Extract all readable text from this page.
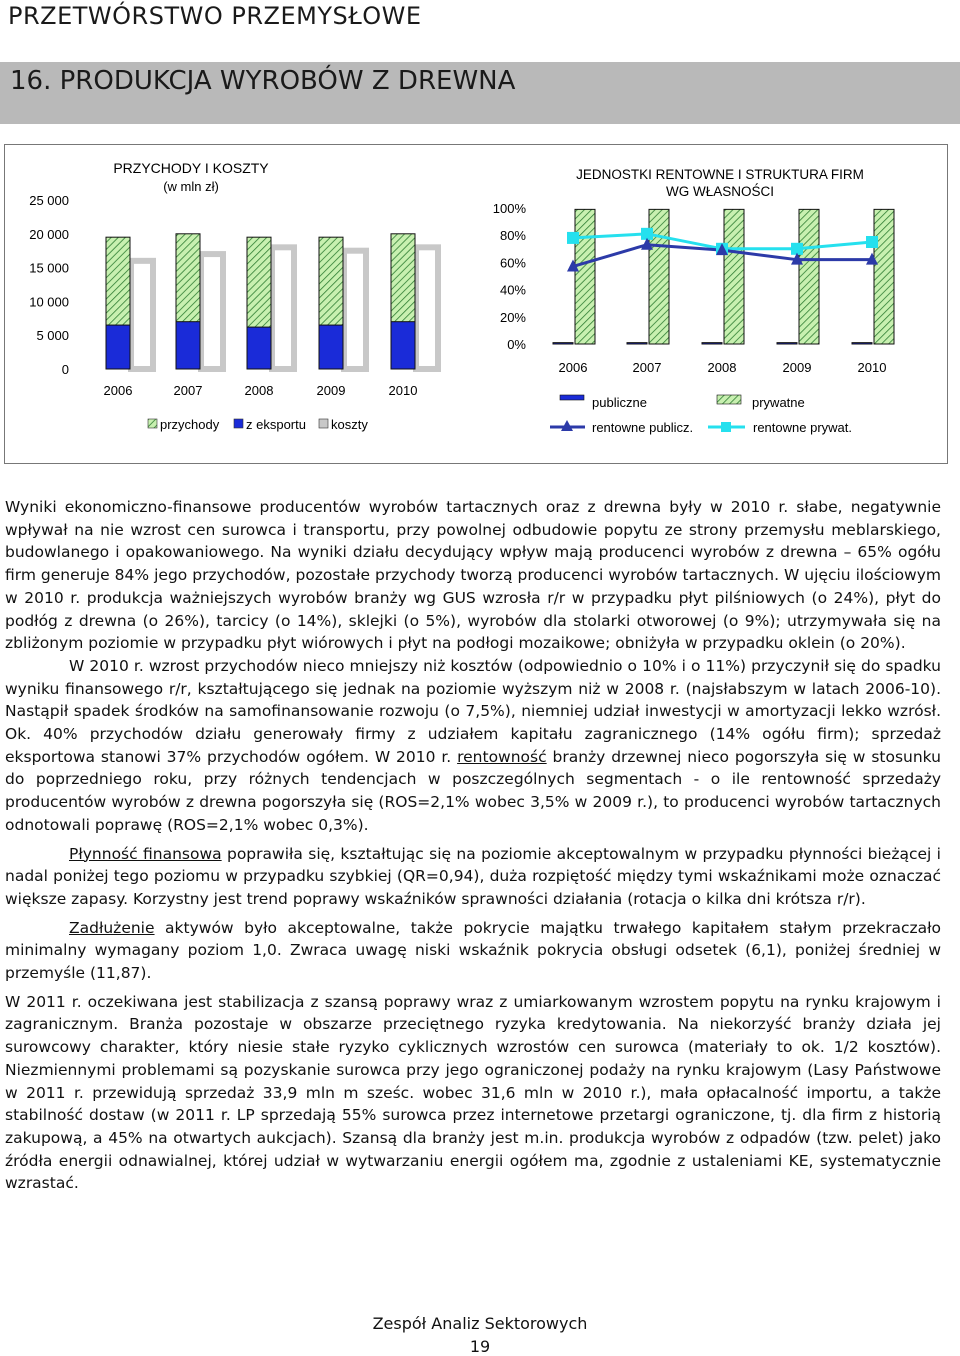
PRZETWÓRSTWO PRZEMYSŁOWE
16. PRODUKCJA WYROBÓW Z DREWNA
PRZYCHODY I KOSZTY
(w mln zł)
25 000
20 000
15 000
10 000
5 000
0
2006	2007	2008	2009	2010
przychody z eksportu koszty
JEDNOSTKI RENTOWNE I STRUKTURA FIRM
WG WŁASNOŚCI
100%
80%
60%
40%
20%
0%
2006	2007	2008	2009	2010
publiczne	prywatne
rentowne publicz.	rentowne prywat.

Wyniki ekonomiczno-finansowe producentów wyrobów tartacznych oraz z drewna były w 2010 r. słabe, negatywnie wpływał na nie wzrost cen surowca i transportu, przy powolnej odbudowie popytu ze strony przemysłu meblarskiego, budowlanego i opakowaniowego. Na wyniki działu decydujący wpływ mają producenci wyrobów z drewna – 65% ogółu firm generuje 84% jego przychodów, pozostałe przychody tworzą producenci wyrobów tartacznych. W ujęciu ilościowym w 2010 r. produkcja ważniejszych wyrobów branży wg GUS wzrosła r/r w przypadku płyt pilśniowych (o 24%), płyt do podłóg z drewna (o 26%), tarcicy (o 14%), sklejki (o 5%), wyrobów dla stolarki otworowej (o 9%); utrzymywała się na zbliżonym poziomie w przypadku płyt wiórowych i płyt na podłogi mozaikowe; obniżyła w przypadku oklein (o 20%).

W 2010 r. wzrost przychodów nieco mniejszy niż kosztów (odpowiednio o 10% i o 11%) przyczynił się do spadku wyniku finansowego r/r, kształtującego się jednak na poziomie wyższym niż w 2008 r. (najsłabszym w latach 2006-10). Nastąpił spadek środków na samofinansowanie rozwoju (o 7,5%), niemniej udział inwestycji w amortyzacji lekko wzrósł. Ok. 40% przychodów działu generowały firmy z udziałem kapitału zagranicznego (14% ogółu firm); sprzedaż eksportowa stanowi 37% przychodów ogółem. W 2010 r. rentowność branży drzewnej nieco pogorszyła się w stosunku do poprzedniego roku, przy różnych tendencjach w poszczególnych segmentach - o ile rentowność sprzedaży producentów wyrobów z drewna pogorszyła się (ROS=2,1% wobec 3,5% w 2009 r.), to producenci wyrobów tartacznych odnotowali poprawę (ROS=2,1% wobec 0,3%).

Płynność finansowa poprawiła się, kształtując się na poziomie akceptowalnym w przypadku płynności bieżącej i nadal poniżej tego poziomu w przypadku szybkiej (QR=0,94), duża rozpiętość między tymi wskaźnikami może oznaczać większe zapasy. Korzystny jest trend poprawy wskaźników sprawności działania (rotacja o kilka dni krótsza r/r).

Zadłużenie aktywów było akceptowalne, także pokrycie majątku trwałego kapitałem stałym przekraczało minimalny wymagany poziom 1,0. Zwraca uwagę niski wskaźnik pokrycia obsługi odsetek (6,1), poniżej średniej w przemyśle (11,87).

W 2011 r. oczekiwana jest stabilizacja z szansą poprawy wraz z umiarkowanym wzrostem popytu na rynku krajowym i zagranicznym. Branża pozostaje w obszarze przeciętnego ryzyka kredytowania. Na niekorzyść branży działa jej surowcowy charakter, który niesie stałe ryzyko cyklicznych wzrostów cen surowca (materiały to ok. 1/2 kosztów). Niezmiennymi problemami są pozyskanie surowca przy jego ograniczonej podaży na rynku krajowym (Lasy Państwowe w 2011 r. przewidują sprzedaż 33,9 mln m sześc. wobec 31,6 mln w 2010 r.), mała opłacalność importu, a także stabilność dostaw (w 2011 r. LP sprzedają 55% surowca przez internetowe przetargi ograniczone, tj. dla firm z historią zakupową, a 45% na otwartych aukcjach). Szansą dla branży jest m.in. produkcja wyrobów z odpadów (tzw. pelet) jako źródła energii odnawialnej, której udział w wytwarzaniu energii ogółem ma, zgodnie z ustaleniami KE, systematycznie wzrastać.

Zespół Analiz Sektorowych
19
